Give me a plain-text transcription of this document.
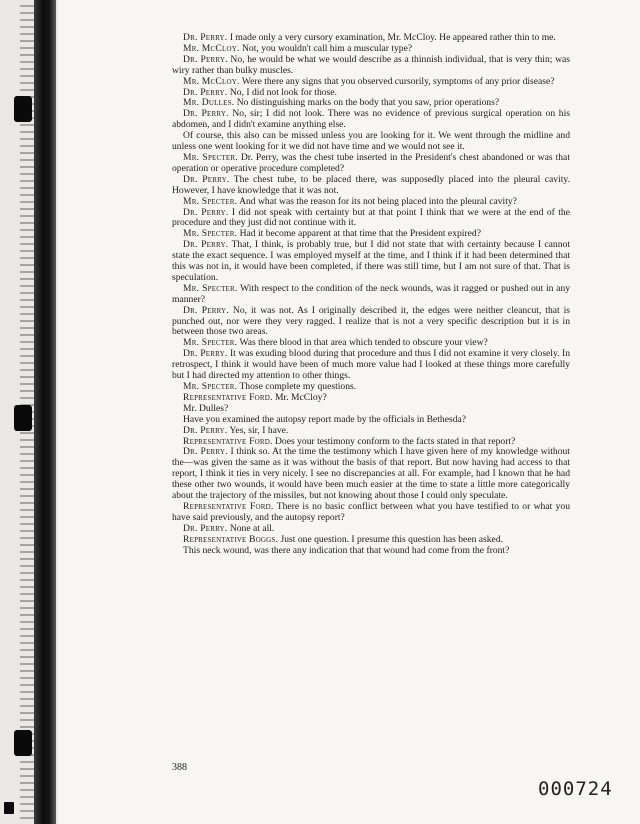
Dr. Perry. I made only a very cursory examination, Mr. McCloy. He appeared rather thin to me.

Mr. McCloy. Not, you wouldn't call him a muscular type?

Dr. Perry. No, he would be what we would describe as a thinnish individual, that is very thin; was wiry rather than bulky muscles.

Mr. McCloy. Were there any signs that you observed cursorily, symptoms of any prior disease?

Dr. Perry. No, I did not look for those.

Mr. Dulles. No distinguishing marks on the body that you saw, prior operations?

Dr. Perry. No, sir; I did not look. There was no evidence of previous surgical operation on his abdomen, and I didn't examine anything else.

Of course, this also can be missed unless you are looking for it. We went through the midline and unless one went looking for it we did not have time and we would not see it.

Mr. Specter. Dr. Perry, was the chest tube inserted in the President's chest abandoned or was that operation or operative procedure completed?

Dr. Perry. The chest tube, to be placed there, was supposedly placed into the pleural cavity. However, I have knowledge that it was not.

Mr. Specter. And what was the reason for its not being placed into the pleural cavity?

Dr. Perry. I did not speak with certainty but at that point I think that we were at the end of the procedure and they just did not continue with it.

Mr. Specter. Had it become apparent at that time that the President expired?

Dr. Perry. That, I think, is probably true, but I did not state that with certainty because I cannot state the exact sequence. I was employed myself at the time, and I think if it had been determined that this was not in, it would have been completed, if there was still time, but I am not sure of that. That is speculation.

Mr. Specter. With respect to the condition of the neck wounds, was it ragged or pushed out in any manner?

Dr. Perry. No, it was not. As I originally described it, the edges were neither cleancut, that is punched out, nor were they very ragged. I realize that is not a very specific description but it is in between those two areas.

Mr. Specter. Was there blood in that area which tended to obscure your view?

Dr. Perry. It was exuding blood during that procedure and thus I did not examine it very closely. In retrospect, I think it would have been of much more value had I looked at these things more carefully but I had directed my attention to other things.

Mr. Specter. Those complete my questions.

Representative Ford. Mr. McCloy?

Mr. Dulles?

Have you examined the autopsy report made by the officials in Bethesda?

Dr. Perry. Yes, sir, I have.

Representative Ford. Does your testimony conform to the facts stated in that report?

Dr. Perry. I think so. At the time the testimony which I have given here of my knowledge without the—was given the same as it was without the basis of that report. But now having had access to that report, I think it ties in very nicely. I see no discrepancies at all. For example, had I known that he had these other two wounds, it would have been much easier at the time to state a little more categorically about the trajectory of the missiles, but not knowing about those I could only speculate.

Representative Ford. There is no basic conflict between what you have testified to or what you have said previously, and the autopsy report?

Dr. Perry. None at all.

Representative Boggs. Just one question. I presume this question has been asked.

This neck wound, was there any indication that that wound had come from the front?

388
000724
